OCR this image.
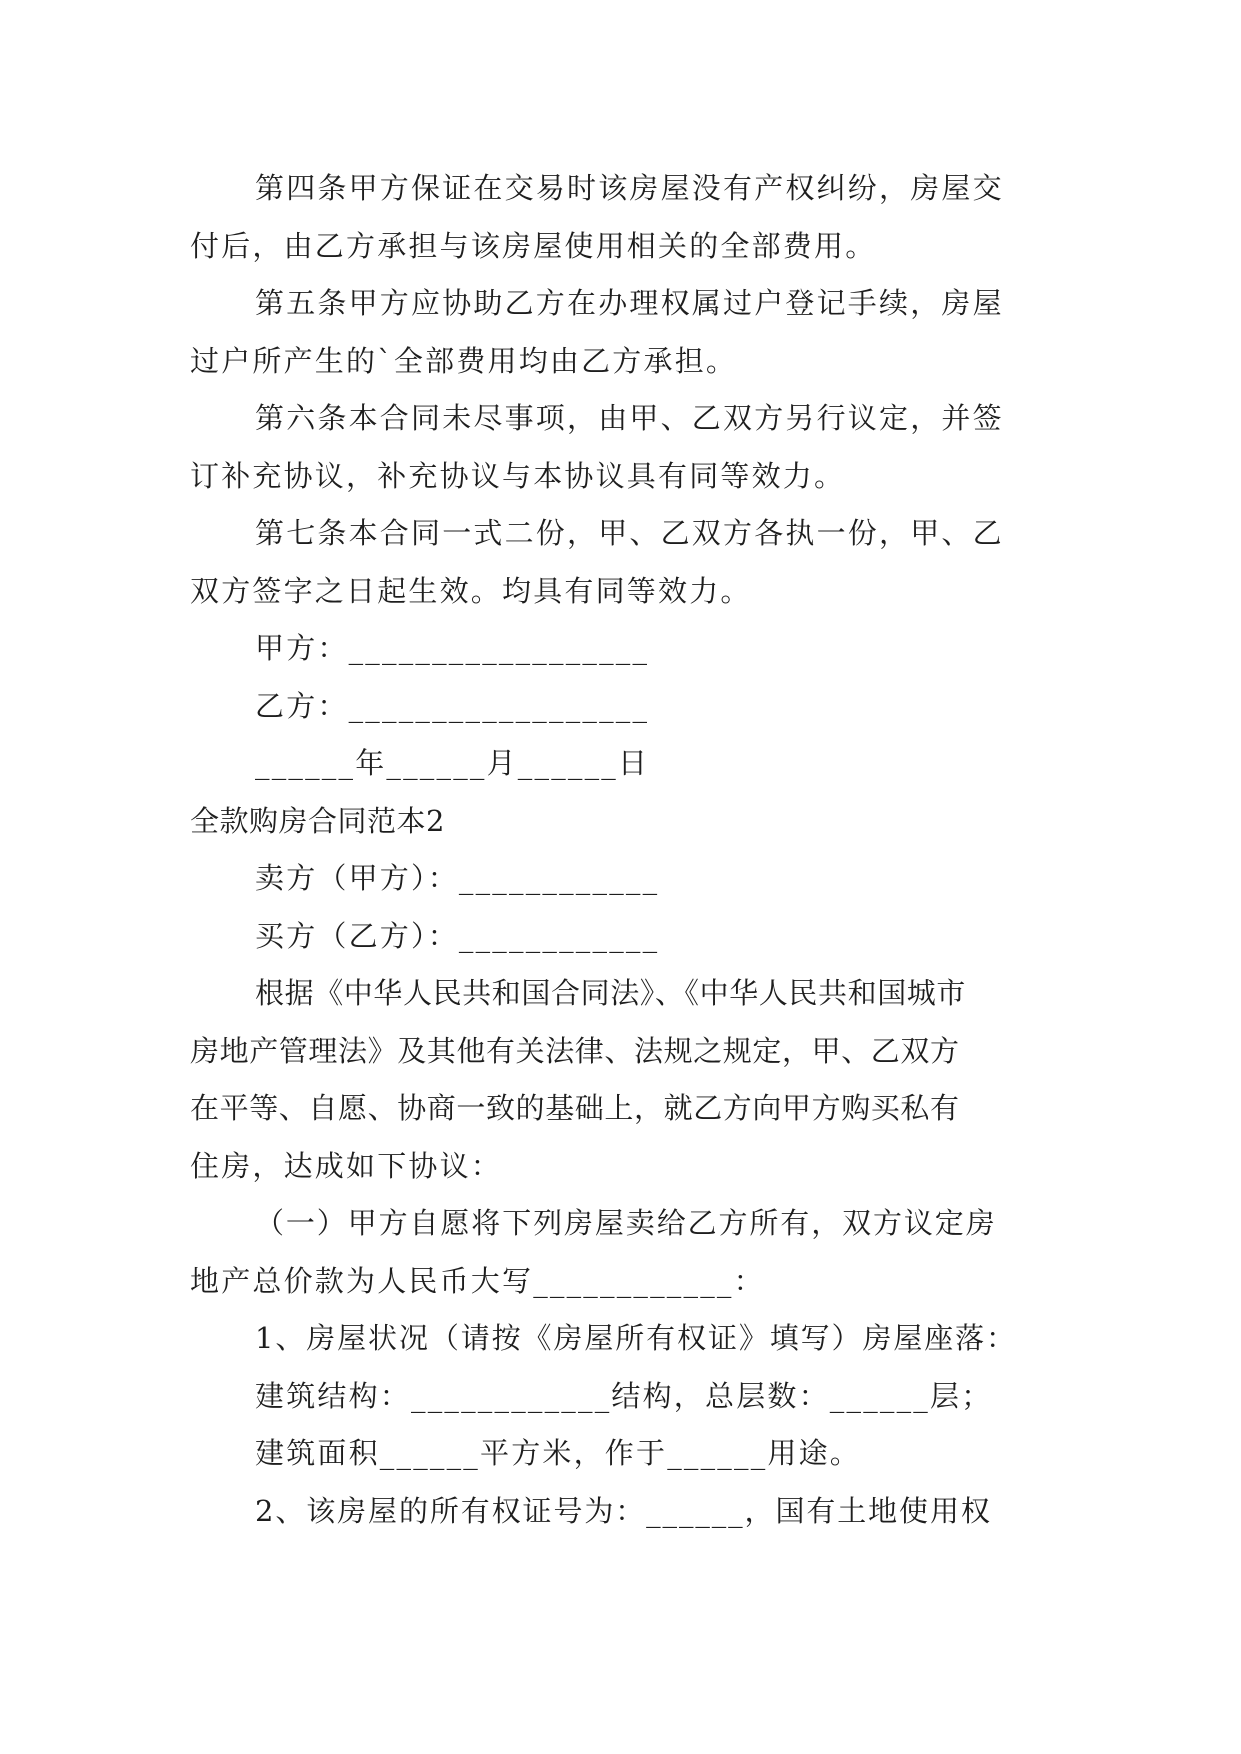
第四条甲方保证在交易时该房屋没有产权纠纷，房屋交
付后，由乙方承担与该房屋使用相关的全部费用。
第五条甲方应协助乙方在办理权属过户登记手续，房屋
过户所产生的`全部费用均由乙方承担。
第六条本合同未尽事项，由甲、乙双方另行议定，并签
订补充协议，补充协议与本协议具有同等效力。
第七条本合同一式二份，甲、乙双方各执一份，甲、乙
双方签字之日起生效。均具有同等效力。
甲方：__________________
乙方：__________________
______年______月______日
全款购房合同范本2
卖方（甲方）：____________
买方（乙方）：____________
根据《中华人民共和国合同法》、《中华人民共和国城市
房地产管理法》及其他有关法律、法规之规定，甲、乙双方
在平等、自愿、协商一致的基础上，就乙方向甲方购买私有
住房，达成如下协议：
（一）甲方自愿将下列房屋卖给乙方所有，双方议定房
地产总价款为人民币大写____________：
1、房屋状况（请按《房屋所有权证》填写）房屋座落：
建筑结构：____________结构，总层数：______层；
建筑面积______平方米，作于______用途。
2、该房屋的所有权证号为：______，国有土地使用权
